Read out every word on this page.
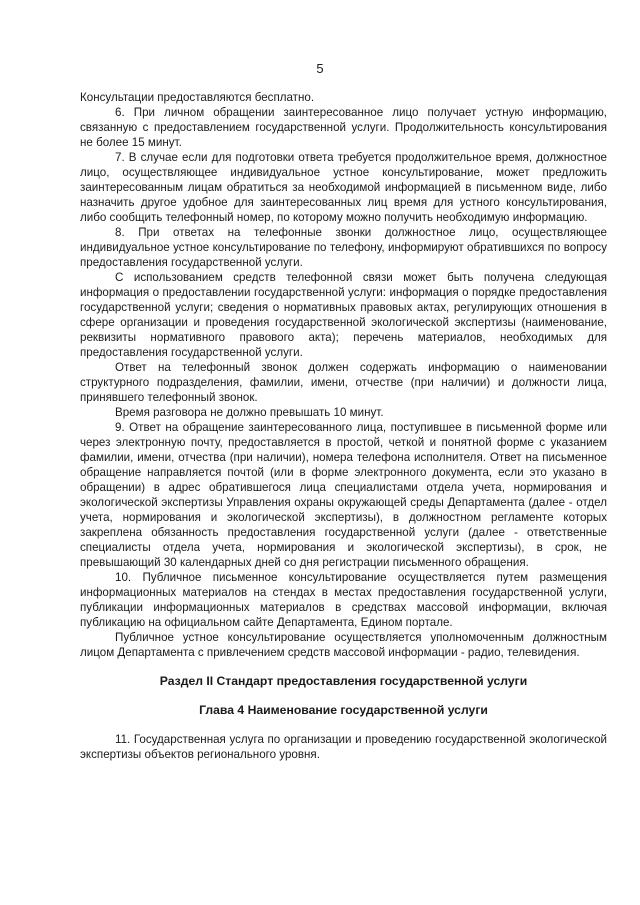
5

Консультации предоставляются бесплатно.

6. При личном обращении заинтересованное лицо получает устную информацию, связанную с предоставлением государственной услуги. Продолжительность консультирования не более 15 минут.

7. В случае если для подготовки ответа требуется продолжительное время, должностное лицо, осуществляющее индивидуальное устное консультирование, может предложить заинтересованным лицам обратиться за необходимой информацией в письменном виде, либо назначить другое удобное для заинтересованных лиц время для устного консультирования, либо сообщить телефонный номер, по которому можно получить необходимую информацию.

8. При ответах на телефонные звонки должностное лицо, осуществляющее индивидуальное устное консультирование по телефону, информируют обратившихся по вопросу предоставления государственной услуги.

С использованием средств телефонной связи может быть получена следующая информация о предоставлении государственной услуги: информация о порядке предоставления государственной услуги; сведения о нормативных правовых актах, регулирующих отношения в сфере организации и проведения государственной экологической экспертизы (наименование, реквизиты нормативного правового акта); перечень материалов, необходимых для предоставления государственной услуги.

Ответ на телефонный звонок должен содержать информацию о наименовании структурного подразделения, фамилии, имени, отчестве (при наличии) и должности лица, принявшего телефонный звонок.

Время разговора не должно превышать 10 минут.

9. Ответ на обращение заинтересованного лица, поступившее в письменной форме или через электронную почту, предоставляется в простой, четкой и понятной форме с указанием фамилии, имени, отчества (при наличии), номера телефона исполнителя. Ответ на письменное обращение направляется почтой (или в форме электронного документа, если это указано в обращении) в адрес обратившегося лица специалистами отдела учета, нормирования и экологической экспертизы Управления охраны окружающей среды Департамента (далее - отдел учета, нормирования и экологической экспертизы), в должностном регламенте которых закреплена обязанность предоставления государственной услуги (далее - ответственные специалисты отдела учета, нормирования и экологической экспертизы), в срок, не превышающий 30 календарных дней со дня регистрации письменного обращения.

10. Публичное письменное консультирование осуществляется путем размещения информационных материалов на стендах в местах предоставления государственной услуги, публикации информационных материалов в средствах массовой информации, включая публикацию на официальном сайте Департамента, Едином портале.

Публичное устное консультирование осуществляется уполномоченным должностным лицом Департамента с привлечением средств массовой информации - радио, телевидения.

Раздел II Стандарт предоставления государственной услуги

Глава 4 Наименование государственной услуги

11. Государственная услуга по организации и проведению государственной экологической экспертизы объектов регионального уровня.
